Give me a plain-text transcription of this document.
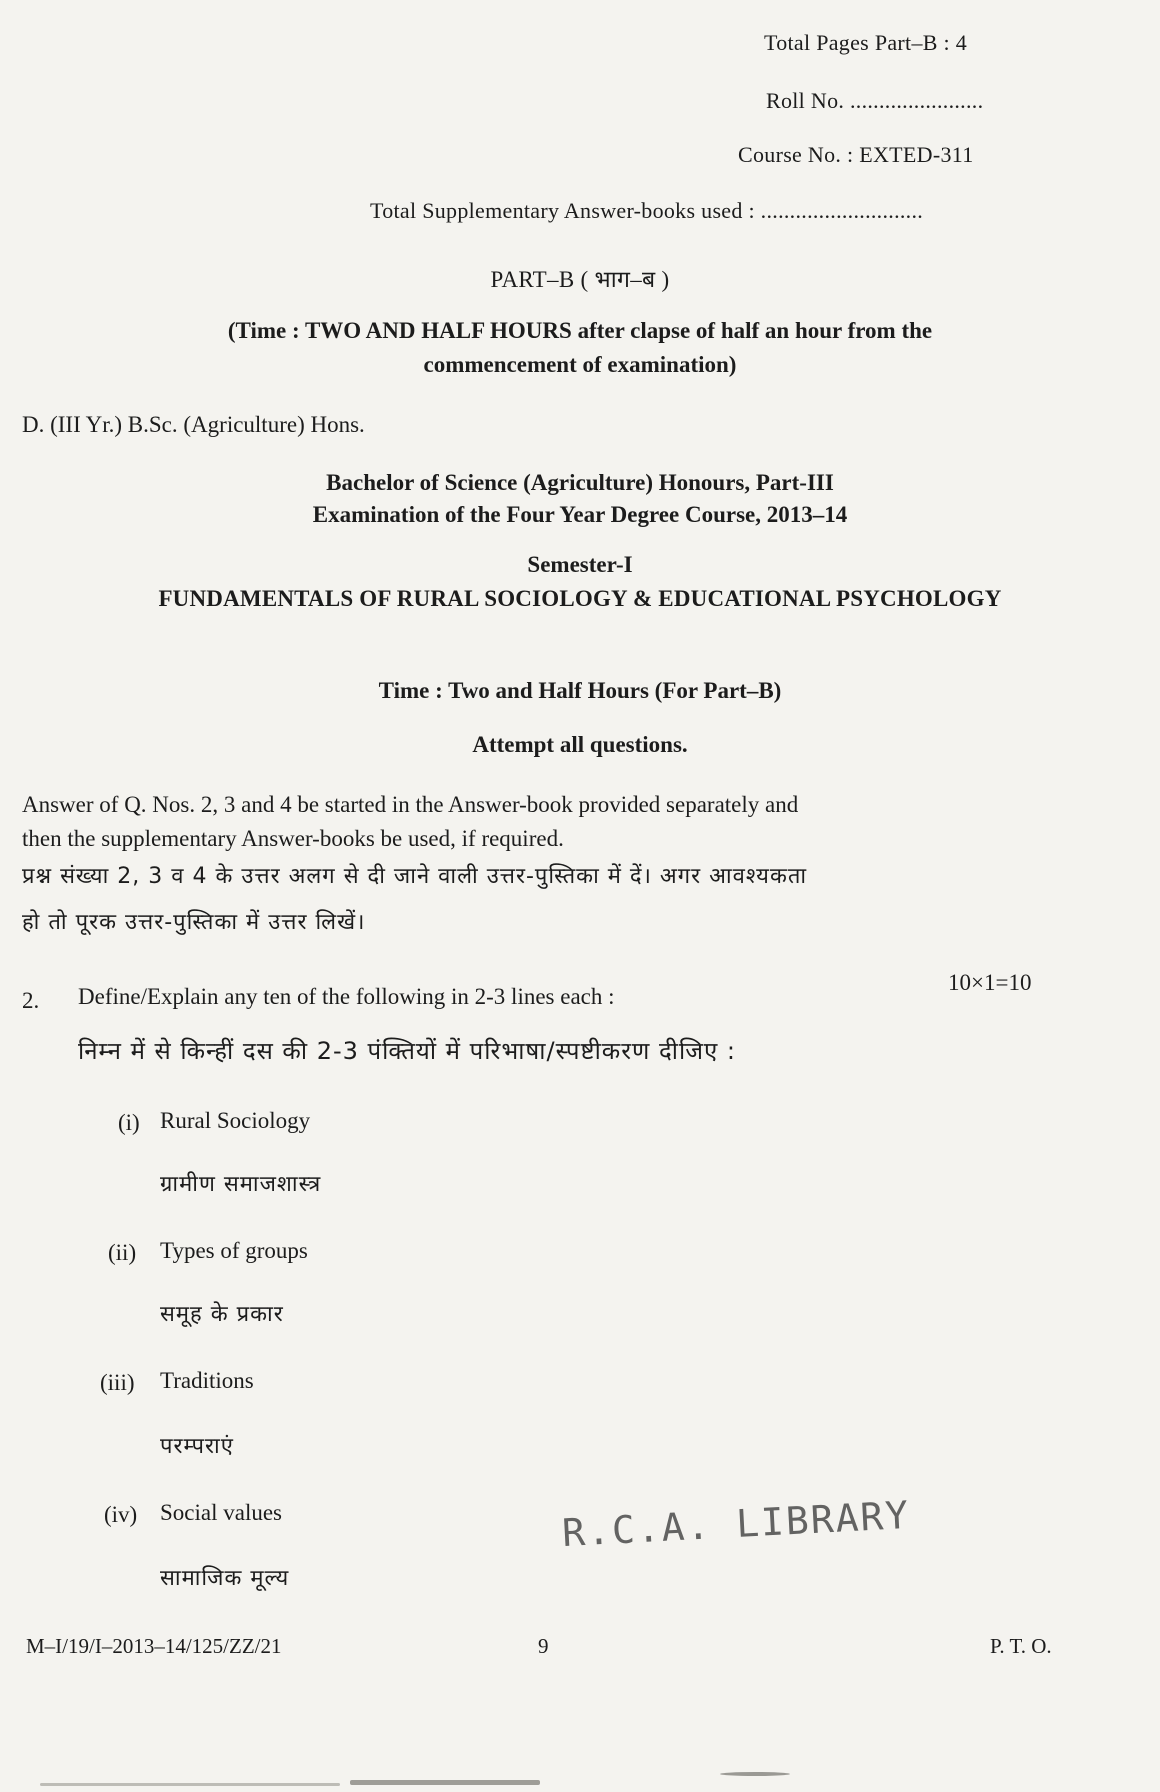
Total Pages Part–B : 4
Roll No. .......................
Course No. : EXTED-311
Total Supplementary Answer-books used : ............................
PART–B ( भाग–ब )
(Time : TWO AND HALF HOURS after clapse of half an hour from the
commencement of examination)
D. (III Yr.) B.Sc. (Agriculture) Hons.
Bachelor of Science (Agriculture) Honours, Part-III
Examination of the Four Year Degree Course, 2013–14
Semester-I
FUNDAMENTALS OF RURAL SOCIOLOGY & EDUCATIONAL PSYCHOLOGY
Time : Two and Half Hours (For Part–B)
Attempt all questions.
Answer of Q. Nos. 2, 3 and 4 be started in the Answer-book provided separately and
then the supplementary Answer-books be used, if required.
प्रश्न संख्या 2, 3 व 4 के उत्तर अलग से दी जाने वाली उत्तर-पुस्तिका में दें। अगर आवश्यकता
हो तो पूरक उत्तर-पुस्तिका में उत्तर लिखें।
2. Define/Explain any ten of the following in 2-3 lines each :
10×1=10
निम्न में से किन्हीं दस की 2-3 पंक्तियों में परिभाषा/स्पष्टीकरण दीजिए :
(i) Rural Sociology
ग्रामीण समाजशास्त्र
(ii) Types of groups
समूह के प्रकार
(iii) Traditions
परम्पराएं
(iv) Social values
सामाजिक मूल्य
R.C.A. LIBRARY
M–I/19/I–2013–14/125/ZZ/21	9	P. T. O.
